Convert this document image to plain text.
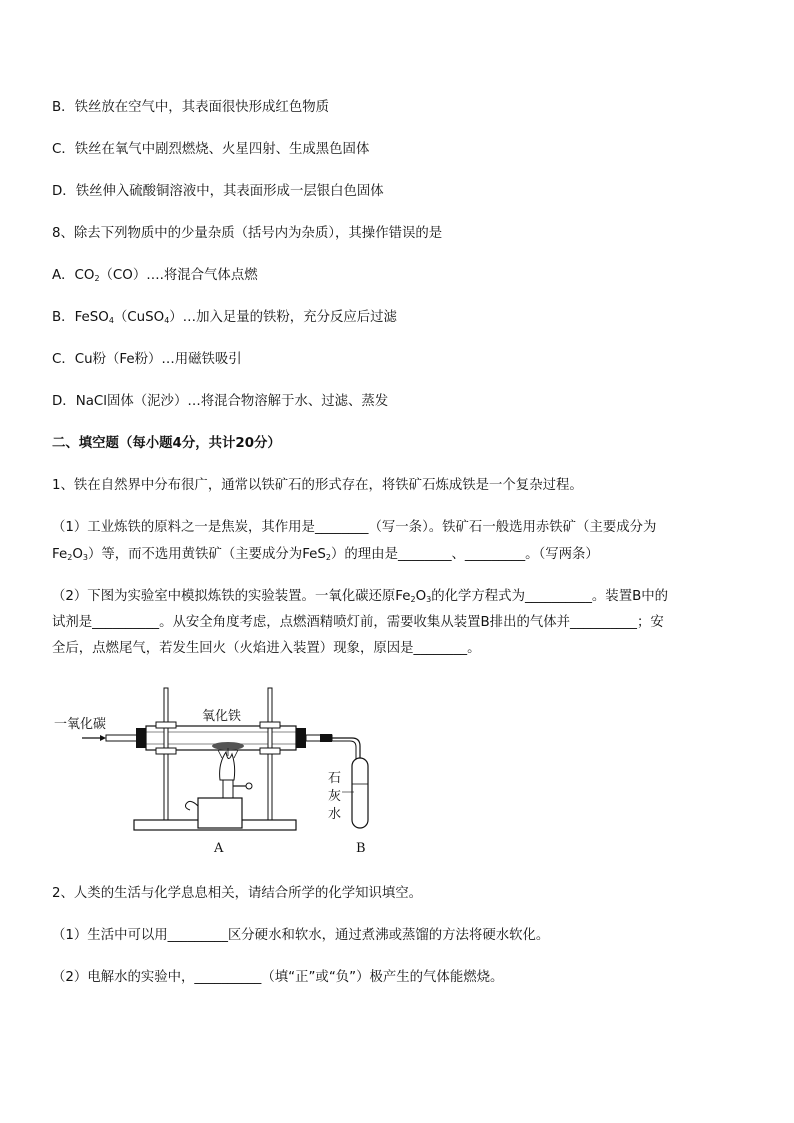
B．铁丝放在空气中，其表面很快形成红色物质
C．铁丝在氧气中剧烈燃烧、火星四射、生成黑色固体
D．铁丝伸入硫酸铜溶液中，其表面形成一层银白色固体
8、除去下列物质中的少量杂质（括号内为杂质），其操作错误的是
A．$CO_2(CO)\dots$.将混合气体点燃
B．FeSO$_4$（CuSO$_4$）…加入足量的铁粉，充分反应后过滤
C．Cu粉（Fe粉）…用磁铁吸引
D．NaCl固体（泥沙）…将混合物溶解于水、过滤、蒸发
二、填空题（每小题4分，共计20分）
1、铁在自然界中分布很广，通常以铁矿石的形式存在，将铁矿石炼成铁是一个复杂过程。
（1）工业炼铁的原料之一是焦炭，其作用是________（写一条）。铁矿石一般选用赤铁矿（主要成分为
$Fe_2O_3$）等，而不选用黄铁矿（主要成分为FeS$_2$）的理由是________、_________。（写两条）
（2）下图为实验室中模拟炼铁的实验装置。一氧化碳还原$Fe_2O_3$的化学方程式为__________。装置B中的
试剂是__________。从安全角度考虑，点燃酒精喷灯前，需要收集从装置B排出的气体并__________；安
全后，点燃尾气，若发生回火（火焰进入装置）现象，原因是________。
一氧化碳
氧化铁
石
灰
水
A	B
2、人类的生活与化学息息相关，请结合所学的化学知识填空。
（1）生活中可以用_________区分硬水和软水，通过煮沸或蒸馏的方法将硬水软化。
（2）电解水的实验中，__________（填“正”或“负”）极产生的气体能燃烧。
